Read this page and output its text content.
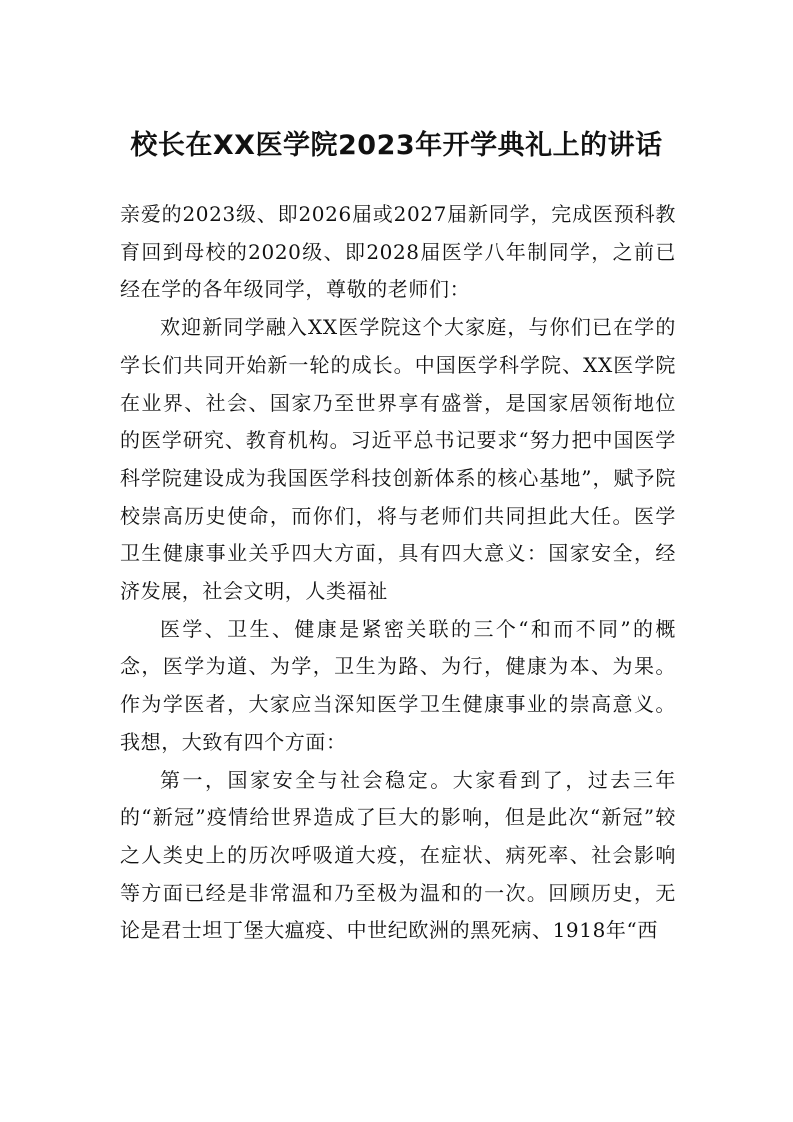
校长在XX医学院2023年开学典礼上的讲话

亲爱的2023级、即2026届或2027届新同学，完成医预科教育回到母校的2020级、即2028届医学八年制同学，之前已经在学的各年级同学，尊敬的老师们：

欢迎新同学融入XX医学院这个大家庭，与你们已在学的学长们共同开始新一轮的成长。中国医学科学院、XX医学院在业界、社会、国家乃至世界享有盛誉，是国家居领衔地位的医学研究、教育机构。习近平总书记要求“努力把中国医学科学院建设成为我国医学科技创新体系的核心基地”，赋予院校崇高历史使命，而你们，将与老师们共同担此大任。医学卫生健康事业关乎四大方面，具有四大意义：国家安全，经济发展，社会文明，人类福祉

医学、卫生、健康是紧密关联的三个“和而不同”的概念，医学为道、为学，卫生为路、为行，健康为本、为果。作为学医者，大家应当深知医学卫生健康事业的崇高意义。我想，大致有四个方面：

第一，国家安全与社会稳定。大家看到了，过去三年的“新冠”疫情给世界造成了巨大的影响，但是此次“新冠”较之人类史上的历次呼吸道大疫，在症状、病死率、社会影响等方面已经是非常温和乃至极为温和的一次。回顾历史，无论是君士坦丁堡大瘟疫、中世纪欧洲的黑死病、1918年“西
